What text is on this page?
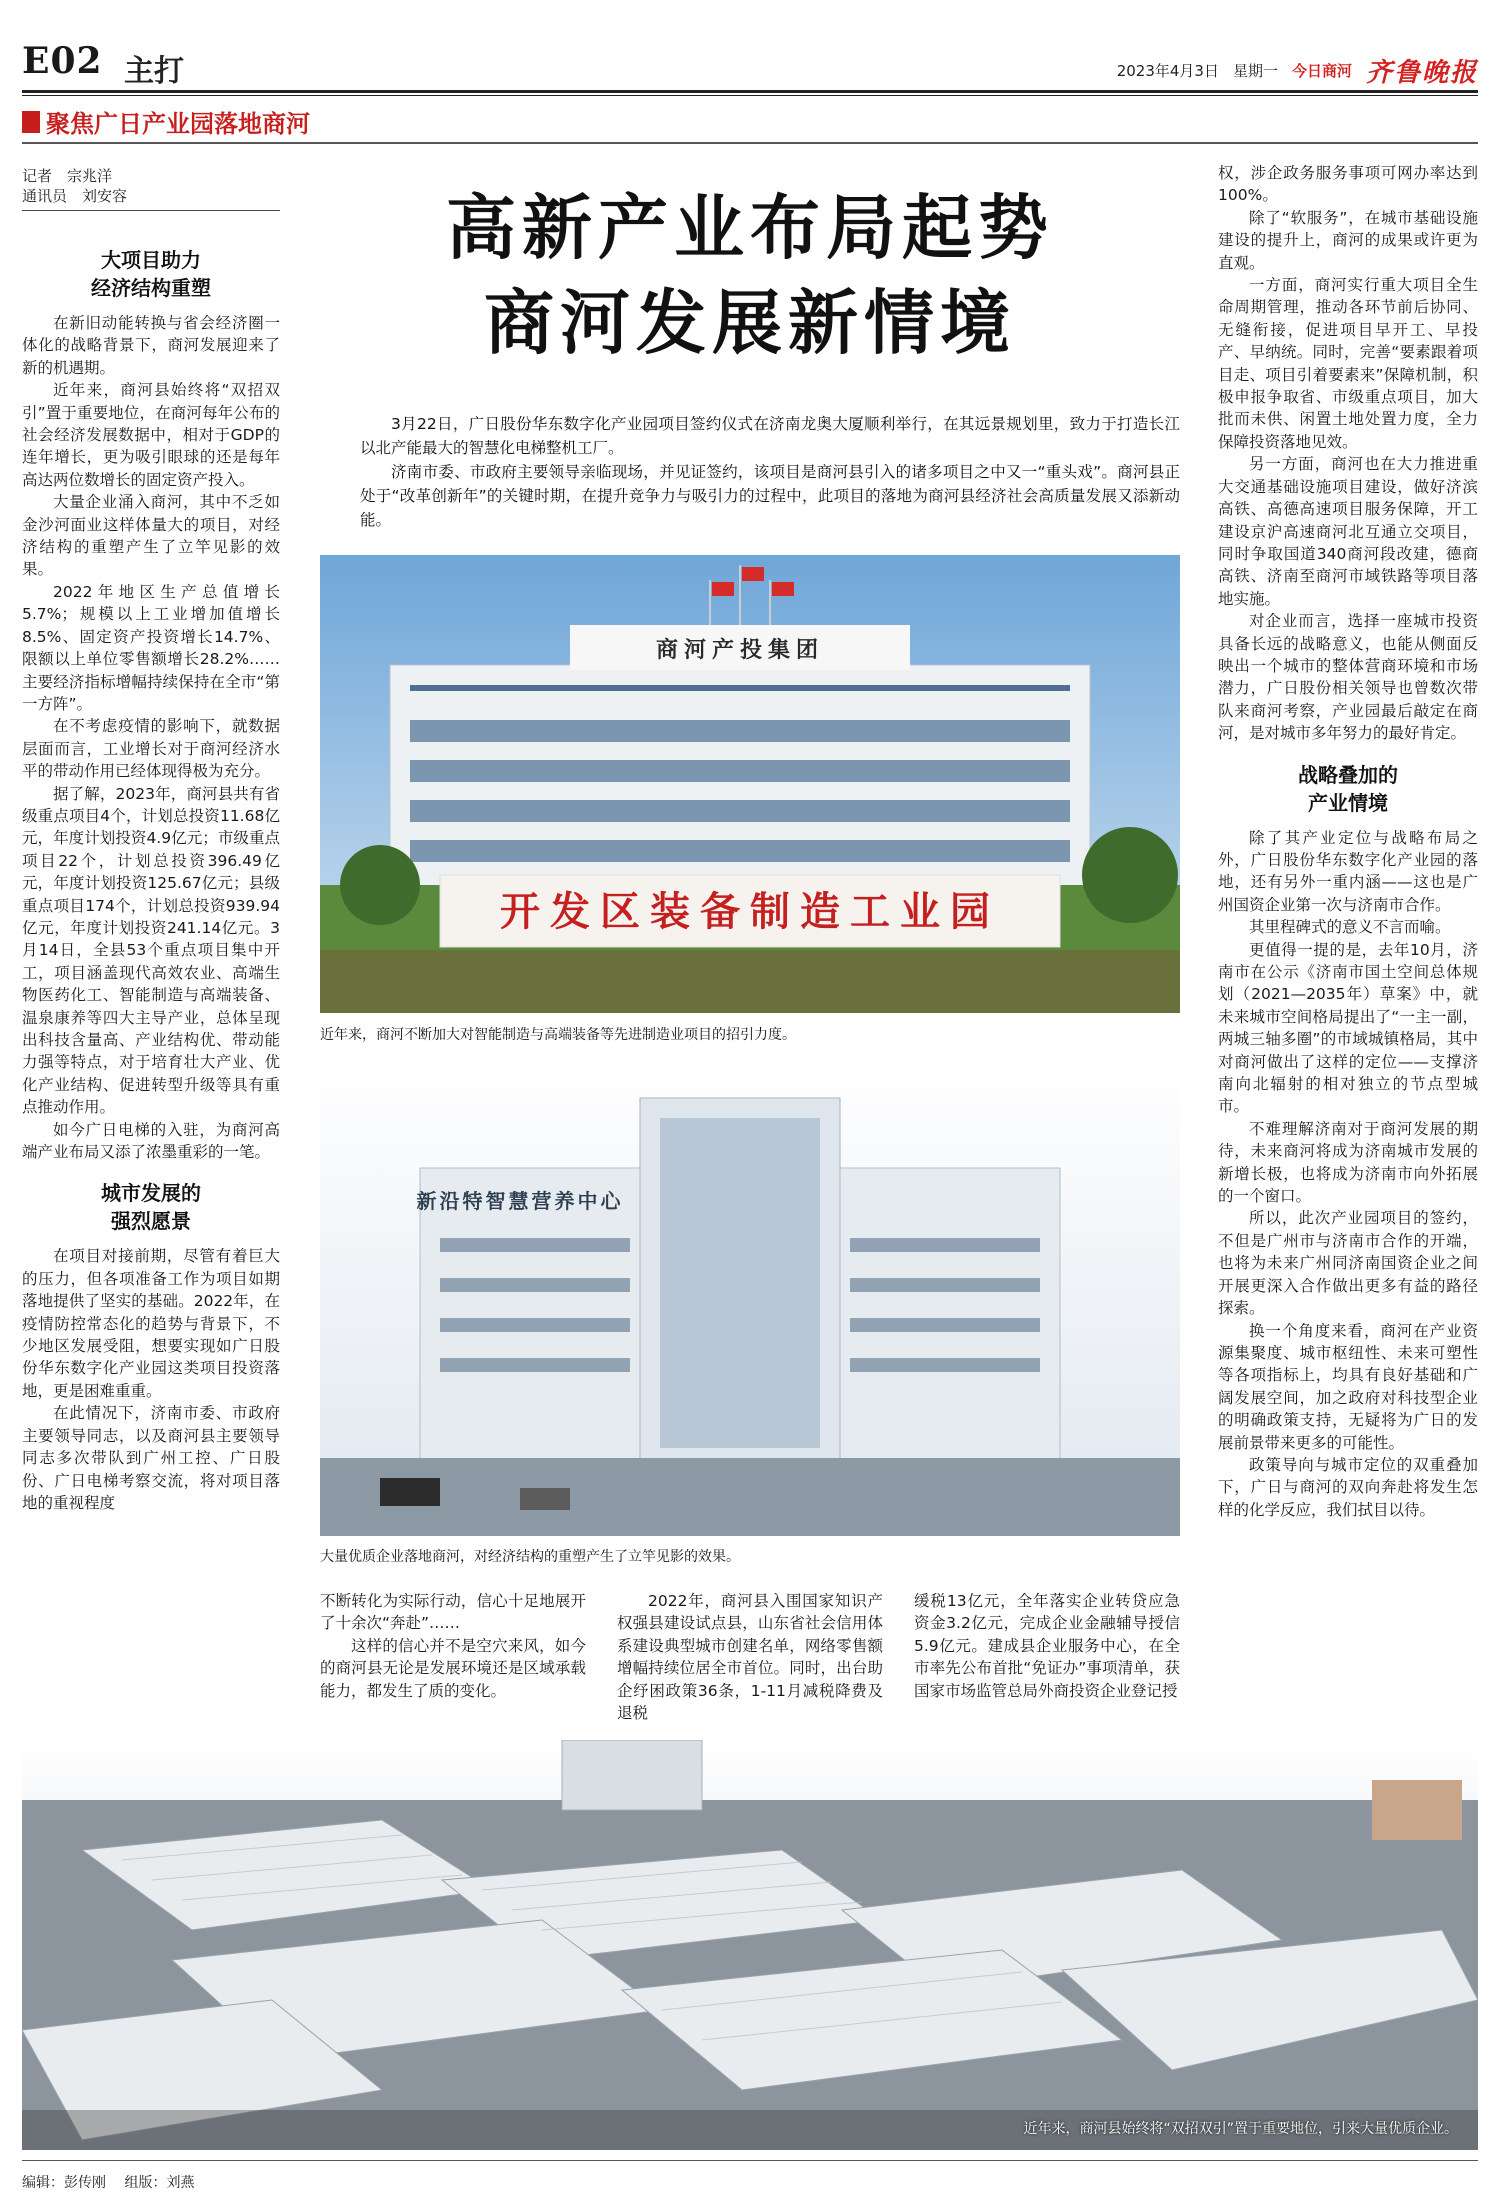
E02 主打	2023年4月3日 星期一 今日商河 齐鲁晚报
聚焦广日产业园落地商河
记者　宗兆洋
通讯员　刘安容
大项目助力
经济结构重塑

在新旧动能转换与省会经济圈一体化的战略背景下，商河发展迎来了新的机遇期。

近年来，商河县始终将“双招双引”置于重要地位，在商河每年公布的社会经济发展数据中，相对于GDP的连年增长，更为吸引眼球的还是每年高达两位数增长的固定资产投入。

大量企业涌入商河，其中不乏如金沙河面业这样体量大的项目，对经济结构的重塑产生了立竿见影的效果。

2022年地区生产总值增长5.7%；规模以上工业增加值增长8.5%、固定资产投资增长14.7%、限额以上单位零售额增长28.2%……主要经济指标增幅持续保持在全市“第一方阵”。

在不考虑疫情的影响下，就数据层面而言，工业增长对于商河经济水平的带动作用已经体现得极为充分。

据了解，2023年，商河县共有省级重点项目4个，计划总投资11.68亿元，年度计划投资4.9亿元；市级重点项目22个，计划总投资396.49亿元，年度计划投资125.67亿元；县级重点项目174个，计划总投资939.94亿元，年度计划投资241.14亿元。3月14日，全县53个重点项目集中开工，项目涵盖现代高效农业、高端生物医药化工、智能制造与高端装备、温泉康养等四大主导产业，总体呈现出科技含量高、产业结构优、带动能力强等特点，对于培育壮大产业、优化产业结构、促进转型升级等具有重点推动作用。

如今广日电梯的入驻，为商河高端产业布局又添了浓墨重彩的一笔。

城市发展的
强烈愿景

在项目对接前期，尽管有着巨大的压力，但各项准备工作为项目如期落地提供了坚实的基础。2022年，在疫情防控常态化的趋势与背景下，不少地区发展受阻，想要实现如广日股份华东数字化产业园这类项目投资落地，更是困难重重。

在此情况下，济南市委、市政府主要领导同志，以及商河县主要领导同志多次带队到广州工控、广日股份、广日电梯考察交流，将对项目落地的重视程度

高新产业布局起势
商河发展新情境

3月22日，广日股份华东数字化产业园项目签约仪式在济南龙奥大厦顺利举行，在其远景规划里，致力于打造长江以北产能最大的智慧化电梯整机工厂。

济南市委、市政府主要领导亲临现场，并见证签约，该项目是商河县引入的诸多项目之中又一“重头戏”。商河县正处于“改革创新年”的关键时期，在提升竞争力与吸引力的过程中，此项目的落地为商河县经济社会高质量发展又添新动能。

商河产投集团
开发区装备制造工业园
近年来，商河不断加大对智能制造与高端装备等先进制造业项目的招引力度。
新沿特智慧营养中心
大量优质企业落地商河，对经济结构的重塑产生了立竿见影的效果。

不断转化为实际行动，信心十足地展开了十余次“奔赴”……

这样的信心并不是空穴来风，如今的商河县无论是发展环境还是区域承载能力，都发生了质的变化。

2022年，商河县入围国家知识产权强县建设试点县，山东省社会信用体系建设典型城市创建名单，网络零售额增幅持续位居全市首位。同时，出台助企纾困政策36条，1-11月减税降费及退税

缓税13亿元，全年落实企业转贷应急资金3.2亿元，完成企业金融辅导授信5.9亿元。建成县企业服务中心，在全市率先公布首批“免证办”事项清单，获国家市场监管总局外商投资企业登记授

权，涉企政务服务事项可网办率达到100%。

除了“软服务”，在城市基础设施建设的提升上，商河的成果或许更为直观。

一方面，商河实行重大项目全生命周期管理，推动各环节前后协同、无缝衔接，促进项目早开工、早投产、早纳统。同时，完善“要素跟着项目走、项目引着要素来”保障机制，积极申报争取省、市级重点项目，加大批而未供、闲置土地处置力度，全力保障投资落地见效。

另一方面，商河也在大力推进重大交通基础设施项目建设，做好济滨高铁、高德高速项目服务保障，开工建设京沪高速商河北互通立交项目，同时争取国道340商河段改建，德商高铁、济南至商河市域铁路等项目落地实施。

对企业而言，选择一座城市投资具备长远的战略意义，也能从侧面反映出一个城市的整体营商环境和市场潜力，广日股份相关领导也曾数次带队来商河考察，产业园最后敲定在商河，是对城市多年努力的最好肯定。

战略叠加的
产业情境

除了其产业定位与战略布局之外，广日股份华东数字化产业园的落地，还有另外一重内涵——这也是广州国资企业第一次与济南市合作。

其里程碑式的意义不言而喻。

更值得一提的是，去年10月，济南市在公示《济南市国土空间总体规划（2021—2035年）草案》中，就未来城市空间格局提出了“一主一副，两城三轴多圈”的市域城镇格局，其中对商河做出了这样的定位——支撑济南向北辐射的相对独立的节点型城市。

不难理解济南对于商河发展的期待，未来商河将成为济南城市发展的新增长极，也将成为济南市向外拓展的一个窗口。

所以，此次产业园项目的签约，不但是广州市与济南市合作的开端，也将为未来广州同济南国资企业之间开展更深入合作做出更多有益的路径探索。

换一个角度来看，商河在产业资源集聚度、城市枢纽性、未来可塑性等各项指标上，均具有良好基础和广阔发展空间，加之政府对科技型企业的明确政策支持，无疑将为广日的发展前景带来更多的可能性。

政策导向与城市定位的双重叠加下，广日与商河的双向奔赴将发生怎样的化学反应，我们拭目以待。

近年来，商河县始终将“双招双引”置于重要地位，引来大量优质企业。
编辑：彭传刚 组版：刘燕
